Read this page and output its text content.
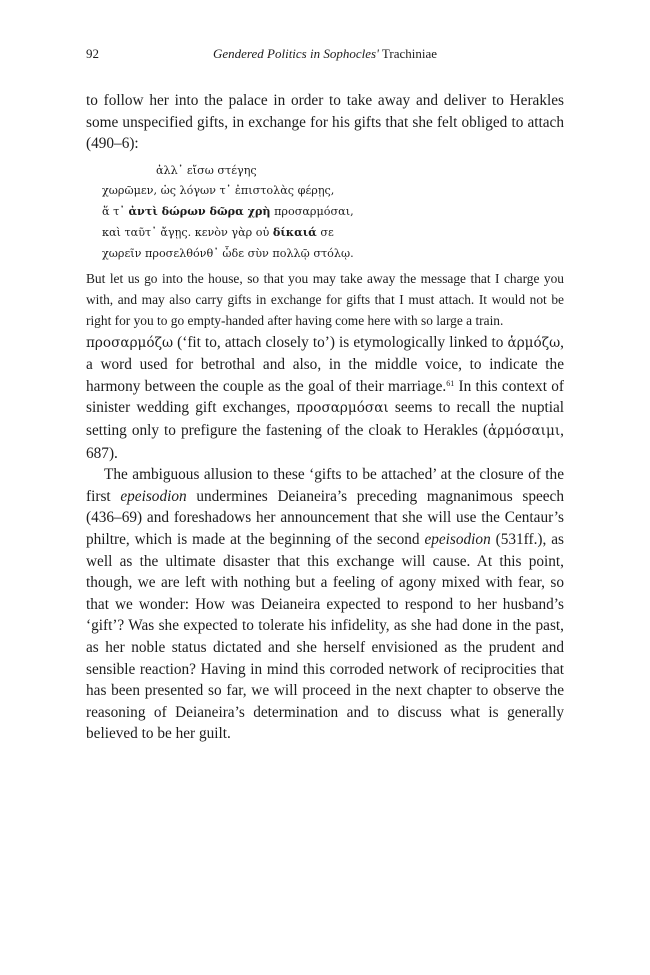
92	Gendered Politics in Sophocles' Trachiniae

to follow her into the palace in order to take away and deliver to Herakles some unspecified gifts, in exchange for his gifts that she felt obliged to attach (490–6):

ἀλλ᾽ εἴσω στέγης
χωρῶμεν, ὡς λόγων τ᾽ ἐπιστολὰς φέρῃς,
ἅ τ᾽ ἀντὶ δώρων δῶρα χρὴ προσαρμόσαι,
καὶ ταῦτ᾽ ἄγῃς. κενὸν γὰρ οὐ δίκαιά σε
χωρεῖν προσελθόνθ᾽ ὧδε σὺν πολλῷ στόλῳ.

But let us go into the house, so that you may take away the message that I charge you with, and may also carry gifts in exchange for gifts that I must attach. It would not be right for you to go empty-handed after having come here with so large a train.

προσαρμόζω (‘fit to, attach closely to’) is etymologically linked to ἁρμόζω, a word used for betrothal and also, in the middle voice, to indicate the harmony between the couple as the goal of their marriage.$^{61}$ In this context of sinister wedding gift exchanges, προσαρμόσαι seems to recall the nuptial setting only to prefigure the fastening of the cloak to Herakles (ἁρμόσαιμι, 687).

The ambiguous allusion to these ‘gifts to be attached’ at the closure of the first epeisodion undermines Deianeira’s preceding magnanimous speech (436–69) and foreshadows her announcement that she will use the Centaur’s philtre, which is made at the beginning of the second epeisodion (531ff.), as well as the ultimate disaster that this exchange will cause. At this point, though, we are left with nothing but a feeling of agony mixed with fear, so that we wonder: How was Deianeira expected to respond to her husband’s ‘gift’? Was she expected to tolerate his infidelity, as she had done in the past, as her noble status dictated and she herself envisioned as the prudent and sensible reaction? Having in mind this corroded network of reciprocities that has been presented so far, we will proceed in the next chapter to observe the reasoning of Deianeira’s determination and to discuss what is generally believed to be her guilt.
